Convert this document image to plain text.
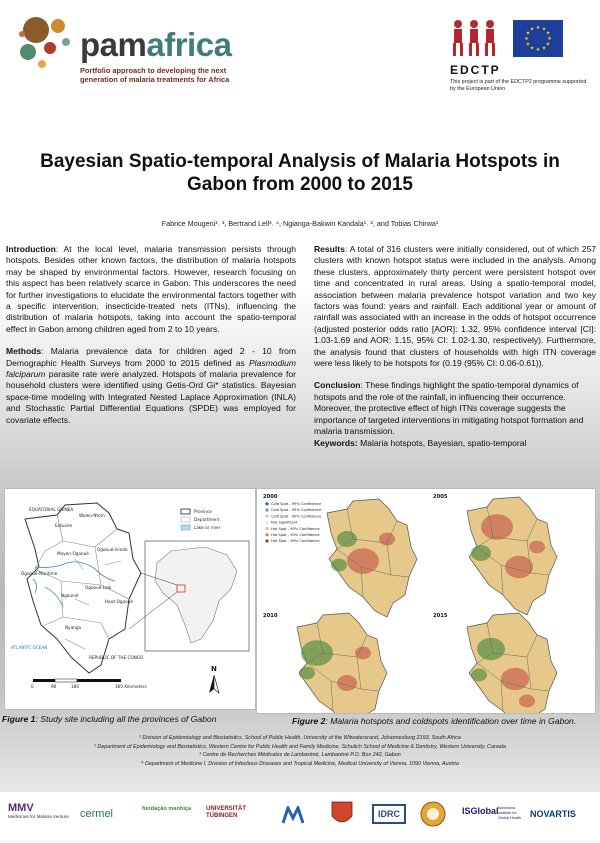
pamafrica
Portfolio approach to developing the next generation of malaria treatments for Africa
★ ★
★
★
★
★
★
★
★
★
★
★
EDCTP
This project is part of the EDCTP2 programme supported by the European Union
Bayesian Spatio-temporal Analysis of Malaria Hotspots in Gabon from 2000 to 2015
Fabrice Mougeni¹˒ ³, Bertrand Lell³˒ ⁴, Ngianga-Bakwin Kandala¹˒ ², and Tobias Chirwa¹

Introduction: At the local level, malaria transmission persists through hotspots. Besides other known factors, the distribution of malaria hotspots may be shaped by environmental factors. However, research focusing on this aspect has been relatively scarce in Gabon. This underscores the need for further investigations to elucidate the environmental factors together with a specific intervention, insecticide-treated nets (ITNs), influencing the distribution of malaria hotspots, taking into account the spatio-temporal effect in Gabon among children aged from 2 to 10 years.

Methods: Malaria prevalence data for children aged 2 - 10 from Demographic Health Surveys from 2000 to 2015 defined as Plasmodium falciparum parasite rate were analyzed. Hotspots of malaria prevalence for household clusters were identified using Getis-Ord Gi* statistics. Bayesian space-time modeling with Integrated Nested Laplace Approximation (INLA) and Stochastic Partial Differential Equations (SPDE) was employed for covariate effects.

Results: A total of 316 clusters were initially considered, out of which 257 clusters with known hotspot status were included in the analysis. Among these clusters, approximately thirty percent were persistent hotspot over time and concentrated in rural areas. Using a spatio-temporal model, association between malaria prevalence hotspot variation and two key factors was found: years and rainfall. Each additional year or amount of rainfall was associated with an increase in the odds of hotspot occurrence (adjusted posterior odds ratio [AOR]: 1.32, 95% confidence interval [CI]: 1.03-1.69 and AOR: 1.15, 95% CI: 1.02-1.30, respectively). Furthermore, the analysis found that clusters of households with high ITN coverage were less likely to be hotspots for (0.19 (95% CI: 0.06-0.61)).

Conclusion: These findings highlight the spatio-temporal dynamics of hotspots and the role of the rainfall, in influencing their occurrence. Moreover, the protective effect of high ITNs coverage suggests the importance of targeted interventions in mitigating hotspot formation and malaria transmission.

Keywords: Malaria hotspots, Bayesian, spatio-temporal

Estuaire
Woleu-Ntem
Moyen-Ogooué
Ogooué-Ivindo
Ogooué-Maritime
Ngounié
Ogooué-Lolo
Haut-Ogooué
Nyanga
EQUATORIAL GUINEA
REPUBLIC OF THE CONGO
ATLANTIC OCEAN
Province
Department
Lake or river
N
0	90	180	360 Kilometers
Figure 1: Study site including all the provinces of Gabon
2000	2005
2010	2015
Cold Spot - 99% Confidence
Cold Spot - 95% Confidence
Cold Spot - 90% Confidence
Not Significant
Hot Spot - 90% Confidence
Hot Spot - 95% Confidence
Hot Spot - 99% Confidence
Figure 2: Malaria hotspots and coldspots identification over time in Gabon.
¹ Division of Epidemiology and Biostatistics, School of Public Health, University of the Witwatersrand, Johannesburg 2193, South Africa
² Department of Epidemiology and Biostatistics, Western Centre for Public Health and Family Medicine, Schulich School of Medicine & Dentistry, Western University, Canada
³ Centre de Recherches Médicales de Lambaréné, Lambaréné P.O. Box 242, Gabon
⁴ Department of Medicine I, Division of Infectious Diseases and Tropical Medicine, Medical University of Vienna, 1090 Vienna, Austria
MMV
Medicines for Malaria Venture cermel	fundação manhiça UNIVERSITÄT TÜBINGEN	IDRC	ISGlobal Barcelona Institute for Global Health NOVARTIS
